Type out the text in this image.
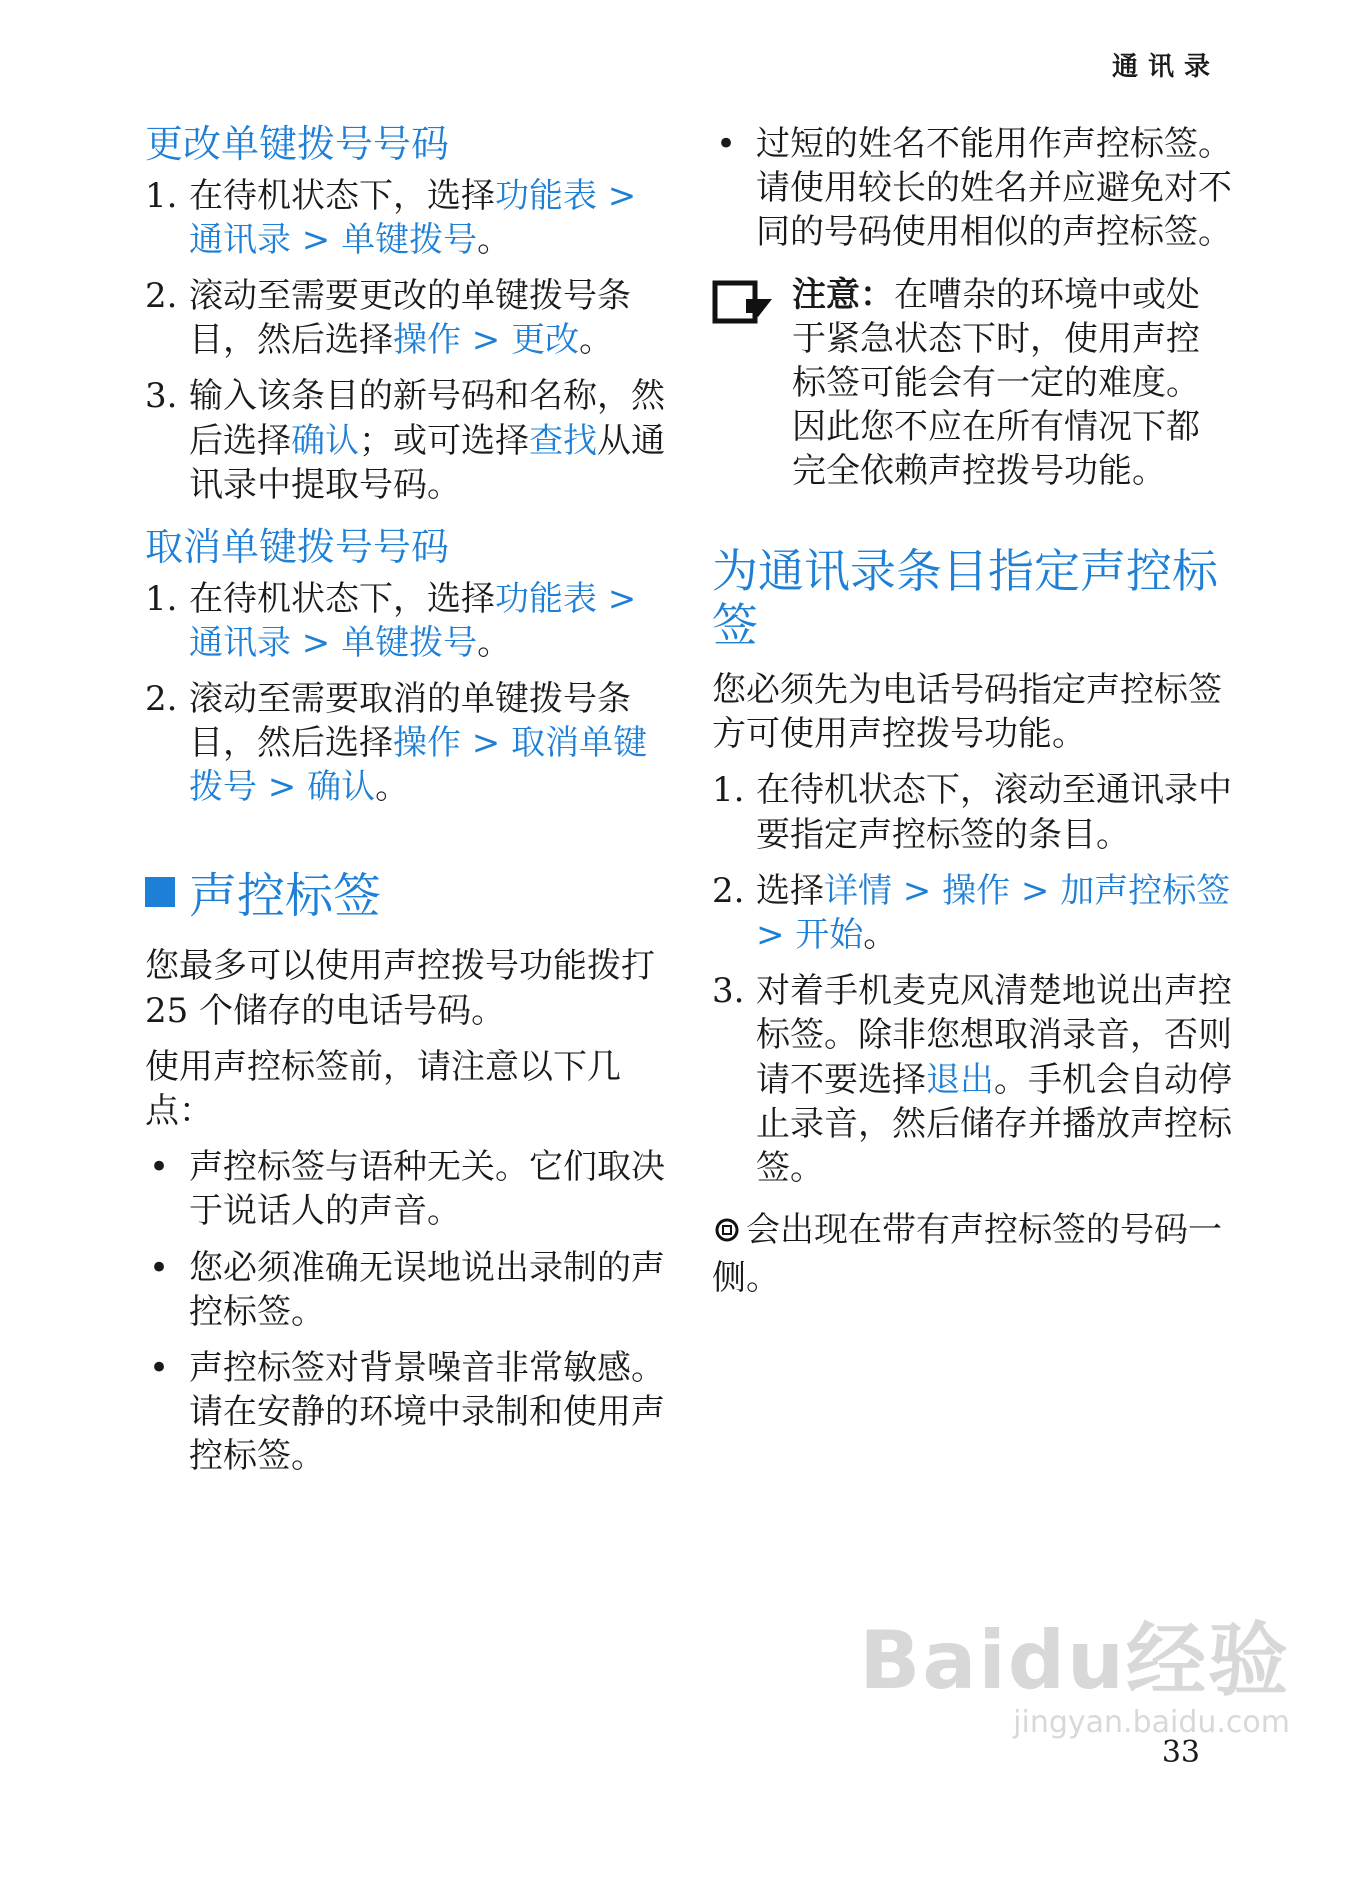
通讯录
更改单键拨号号码
1. 在待机状态下，选择功能表 > 通讯录 > 单键拨号。
2. 滚动至需要更改的单键拨号条目，然后选择操作 > 更改。
3. 输入该条目的新号码和名称，然后选择确认；或可选择查找从通讯录中提取号码。
取消单键拨号号码
1. 在待机状态下，选择功能表 > 通讯录 > 单键拨号。
2. 滚动至需要取消的单键拨号条目，然后选择操作 > 取消单键拨号 > 确认。
声控标签

您最多可以使用声控拨号功能拨打 25 个储存的电话号码。

使用声控标签前，请注意以下几点：

• 声控标签与语种无关。它们取决于说话人的声音。
• 您必须准确无误地说出录制的声控标签。
• 声控标签对背景噪音非常敏感。请在安静的环境中录制和使用声控标签。
• 过短的姓名不能用作声控标签。请使用较长的姓名并应避免对不同的号码使用相似的声控标签。
注意：在嘈杂的环境中或处于紧急状态下时，使用声控标签可能会有一定的难度。因此您不应在所有情况下都完全依赖声控拨号功能。
为通讯录条目指定声控标签

您必须先为电话号码指定声控标签方可使用声控拨号功能。

1. 在待机状态下，滚动至通讯录中要指定声控标签的条目。
2. 选择详情 > 操作 > 加声控标签 > 开始。
3. 对着手机麦克风清楚地说出声控标签。除非您想取消录音，否则请不要选择退出。手机会自动停止录音，然后储存并播放声控标签。

会出现在带有声控标签的号码一侧。

Baidu经验
jingyan.baidu.com
33
